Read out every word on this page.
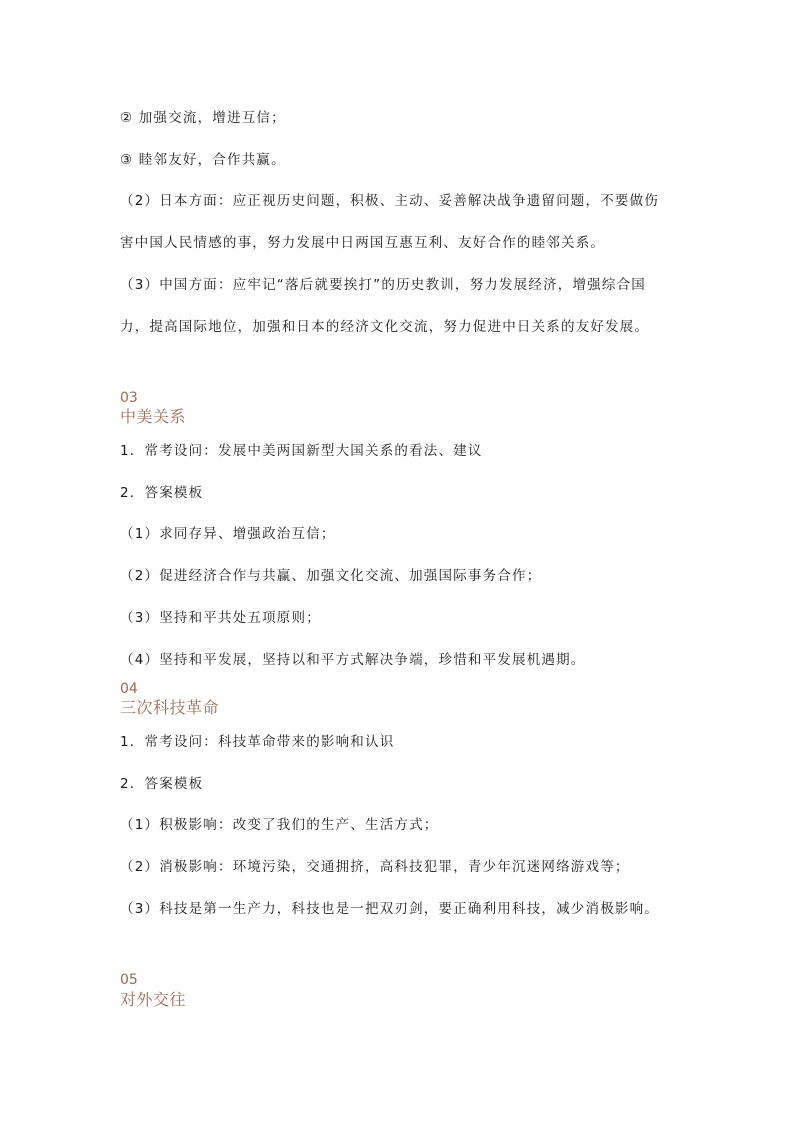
② 加强交流，增进互信；
③ 睦邻友好，合作共赢。
（2）日本方面：应正视历史问题，积极、主动、妥善解决战争遗留问题，不要做伤
害中国人民情感的事，努力发展中日两国互惠互利、友好合作的睦邻关系。
（3）中国方面：应牢记“落后就要挨打”的历史教训，努力发展经济，增强综合国
力，提高国际地位，加强和日本的经济文化交流，努力促进中日关系的友好发展。
03
中美关系
1．常考设问：发展中美两国新型大国关系的看法、建议
2．答案模板
（1）求同存异、增强政治互信；
（2）促进经济合作与共赢、加强文化交流、加强国际事务合作；
（3）坚持和平共处五项原则；
（4）坚持和平发展，坚持以和平方式解决争端，珍惜和平发展机遇期。
04
三次科技革命
1．常考设问：科技革命带来的影响和认识
2．答案模板
（1）积极影响：改变了我们的生产、生活方式；
（2）消极影响：环境污染，交通拥挤，高科技犯罪，青少年沉迷网络游戏等；
（3）科技是第一生产力，科技也是一把双刃剑，要正确利用科技，减少消极影响。
05
对外交往
